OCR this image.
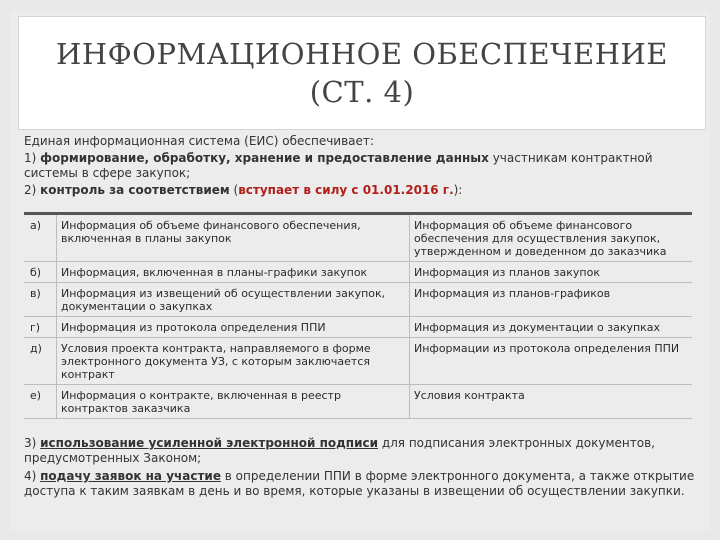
ИНФОРМАЦИОННОЕ ОБЕСПЕЧЕНИЕ
(СТ. 4)

Единая информационная система (ЕИС) обеспечивает:

1) формирование, обработку, хранение и предоставление данных участникам контрактной системы в сфере закупок;

2) контроль за соответствием (вступает в силу с 01.01.2016 г.):

а)	Информация об объеме финансового обеспечения, включенная в планы закупок	Информация об объеме финансового обеспечения для осуществления закупок, утвержденном и доведенном до заказчика
б)	Информация, включенная в планы-графики закупок	Информация из планов закупок
в)	Информация из извещений об осуществлении закупок, документации о закупках	Информация из планов-графиков
г)	Информация из протокола определения ППИ	Информация из документации о закупках
д)	Условия проекта контракта, направляемого в форме электронного документа УЗ, с которым заключается контракт	Информации из протокола определения ППИ
е)	Информация о контракте, включенная в реестр контрактов заказчика	Условия контракта

3) использование усиленной электронной подписи для подписания электронных документов, предусмотренных Законом;

4) подачу заявок на участие в определении ППИ в форме электронного документа, а также открытие доступа к таким заявкам в день и во время, которые указаны в извещении об осуществлении закупки.
